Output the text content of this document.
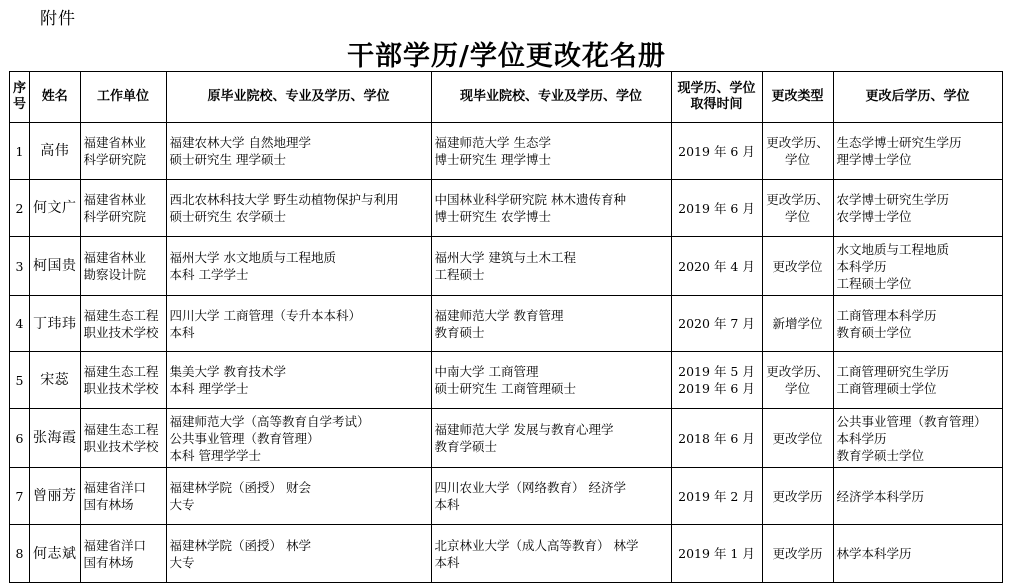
附件
干部学历/学位更改花名册
序
号	姓名	工作单位	原毕业院校、专业及学历、学位	现毕业院校、专业及学历、学位	现学历、学位
取得时间	更改类型	更改后学历、学位

1	高伟	福建省林业
科学研究院	福建农林大学 自然地理学
硕士研究生 理学硕士	福建师范大学 生态学
博士研究生 理学博士	2019 年 6 月	更改学历、
学位	生态学博士研究生学历
理学博士学位

2	何文广	福建省林业
科学研究院	西北农林科技大学 野生动植物保护与利用
硕士研究生 农学硕士	中国林业科学研究院 林木遗传育种
博士研究生 农学博士	2019 年 6 月	更改学历、
学位	农学博士研究生学历
农学博士学位

3	柯国贵	福建省林业
勘察设计院	福州大学 水文地质与工程地质
本科 工学学士	福州大学 建筑与土木工程
工程硕士	2020 年 4 月	更改学位	水文地质与工程地质
本科学历
工程硕士学位

4	丁玮玮	福建生态工程
职业技术学校	四川大学 工商管理（专升本本科）
本科	福建师范大学 教育管理
教育硕士	2020 年 7 月	新增学位	工商管理本科学历
教育硕士学位

5	宋蕊	福建生态工程
职业技术学校	集美大学 教育技术学
本科 理学学士	中南大学 工商管理
硕士研究生 工商管理硕士	2019 年 5 月
2019 年 6 月	更改学历、
学位	工商管理研究生学历
工商管理硕士学位

6	张海霞	福建生态工程
职业技术学校	福建师范大学（高等教育自学考试）
公共事业管理（教育管理）
本科 管理学学士	福建师范大学 发展与教育心理学
教育学硕士	2018 年 6 月	更改学位	公共事业管理（教育管理）
本科学历
教育学硕士学位

7	曾丽芳	福建省洋口
国有林场	福建林学院（函授） 财会
大专	四川农业大学（网络教育） 经济学
本科	2019 年 2 月	更改学历	经济学本科学历

8	何志斌	福建省洋口
国有林场	福建林学院（函授） 林学
大专	北京林业大学（成人高等教育） 林学
本科	2019 年 1 月	更改学历	林学本科学历
